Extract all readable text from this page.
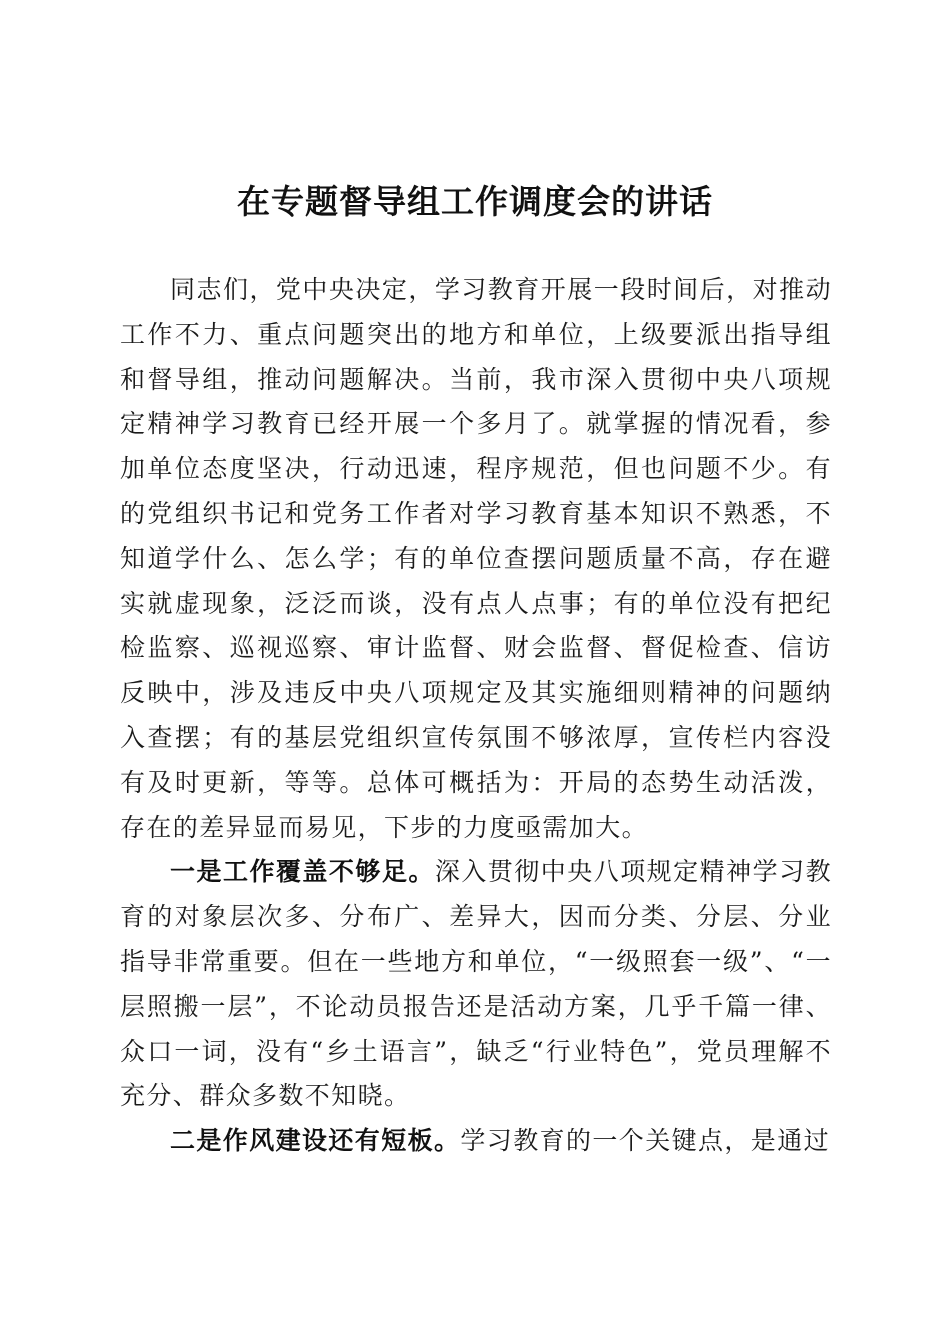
在专题督导组工作调度会的讲话

同志们，党中央决定，学习教育开展一段时间后，对推动工作不力、重点问题突出的地方和单位，上级要派出指导组和督导组，推动问题解决。当前，我市深入贯彻中央八项规定精神学习教育已经开展一个多月了。就掌握的情况看，参加单位态度坚决，行动迅速，程序规范，但也问题不少。有的党组织书记和党务工作者对学习教育基本知识不熟悉，不知道学什么、怎么学；有的单位查摆问题质量不高，存在避实就虚现象，泛泛而谈，没有点人点事；有的单位没有把纪检监察、巡视巡察、审计监督、财会监督、督促检查、信访反映中，涉及违反中央八项规定及其实施细则精神的问题纳入查摆；有的基层党组织宣传氛围不够浓厚，宣传栏内容没有及时更新，等等。总体可概括为：开局的态势生动活泼，存在的差异显而易见，下步的力度亟需加大。

一是工作覆盖不够足。深入贯彻中央八项规定精神学习教育的对象层次多、分布广、差异大，因而分类、分层、分业指导非常重要。但在一些地方和单位，“一级照套一级”、“一层照搬一层”，不论动员报告还是活动方案，几乎千篇一律、众口一词，没有“乡土语言”，缺乏“行业特色”，党员理解不充分、群众多数不知晓。

二是作风建设还有短板。学习教育的一个关键点，是通过
